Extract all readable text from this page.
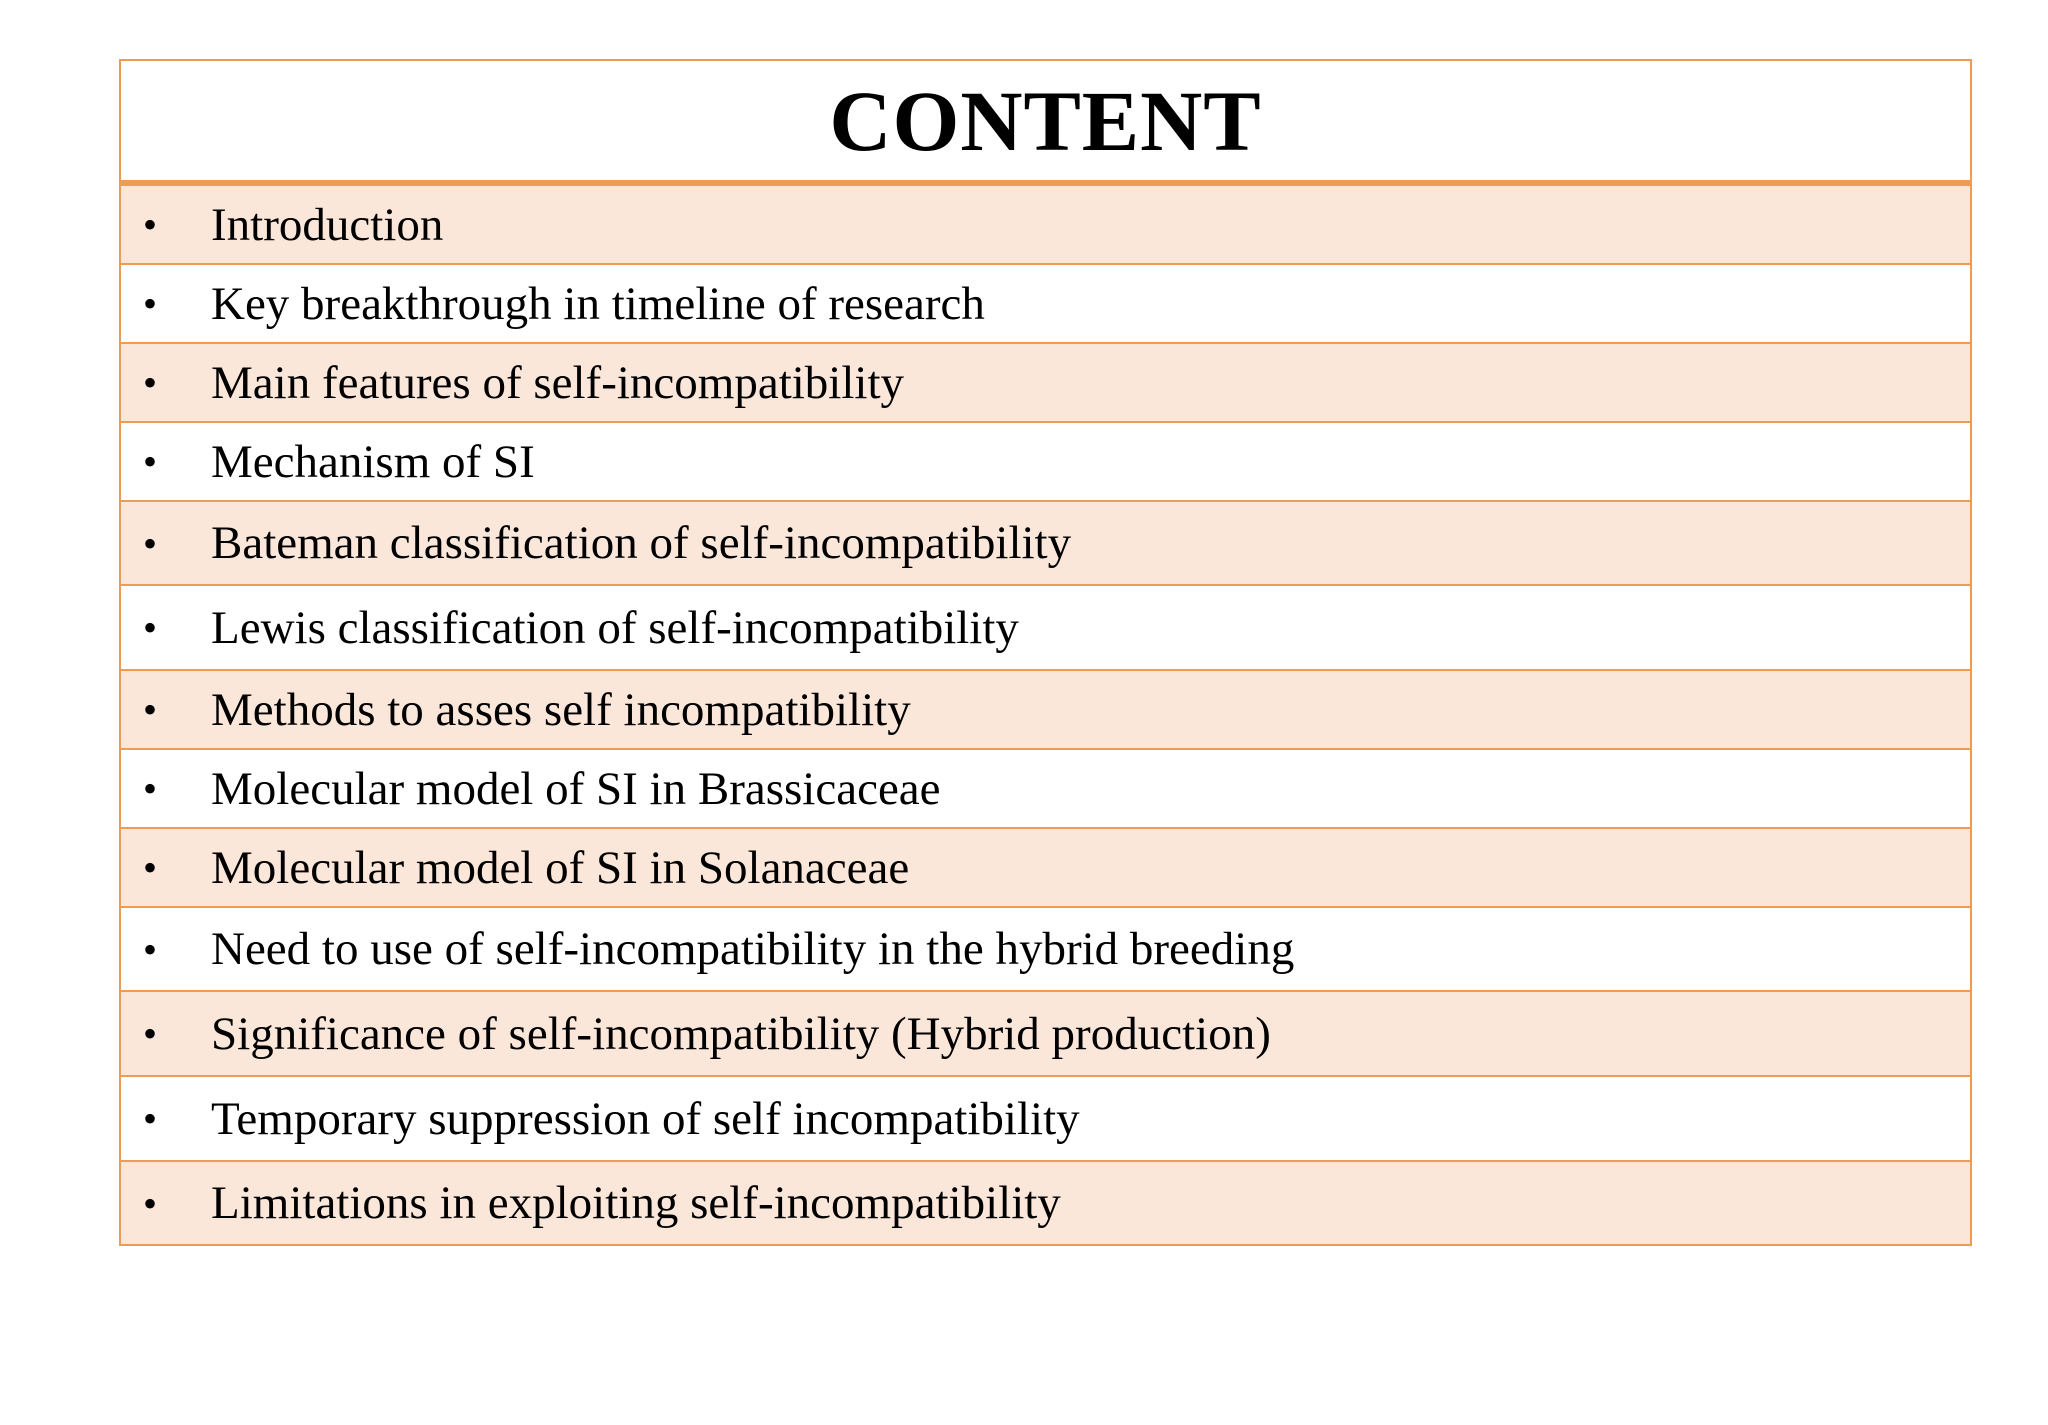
CONTENT
•	Introduction
•	Key breakthrough in timeline of research
•	Main features of self-incompatibility
•	Mechanism of SI
•	Bateman classification of self-incompatibility
•	Lewis classification of self-incompatibility
•	Methods to asses self incompatibility
•	Molecular model of SI in Brassicaceae
•	Molecular model of SI in Solanaceae
•	Need to use of self-incompatibility in the hybrid breeding
•	Significance of self-incompatibility (Hybrid production)
•	Temporary suppression of self incompatibility
•	Limitations in exploiting self-incompatibility
